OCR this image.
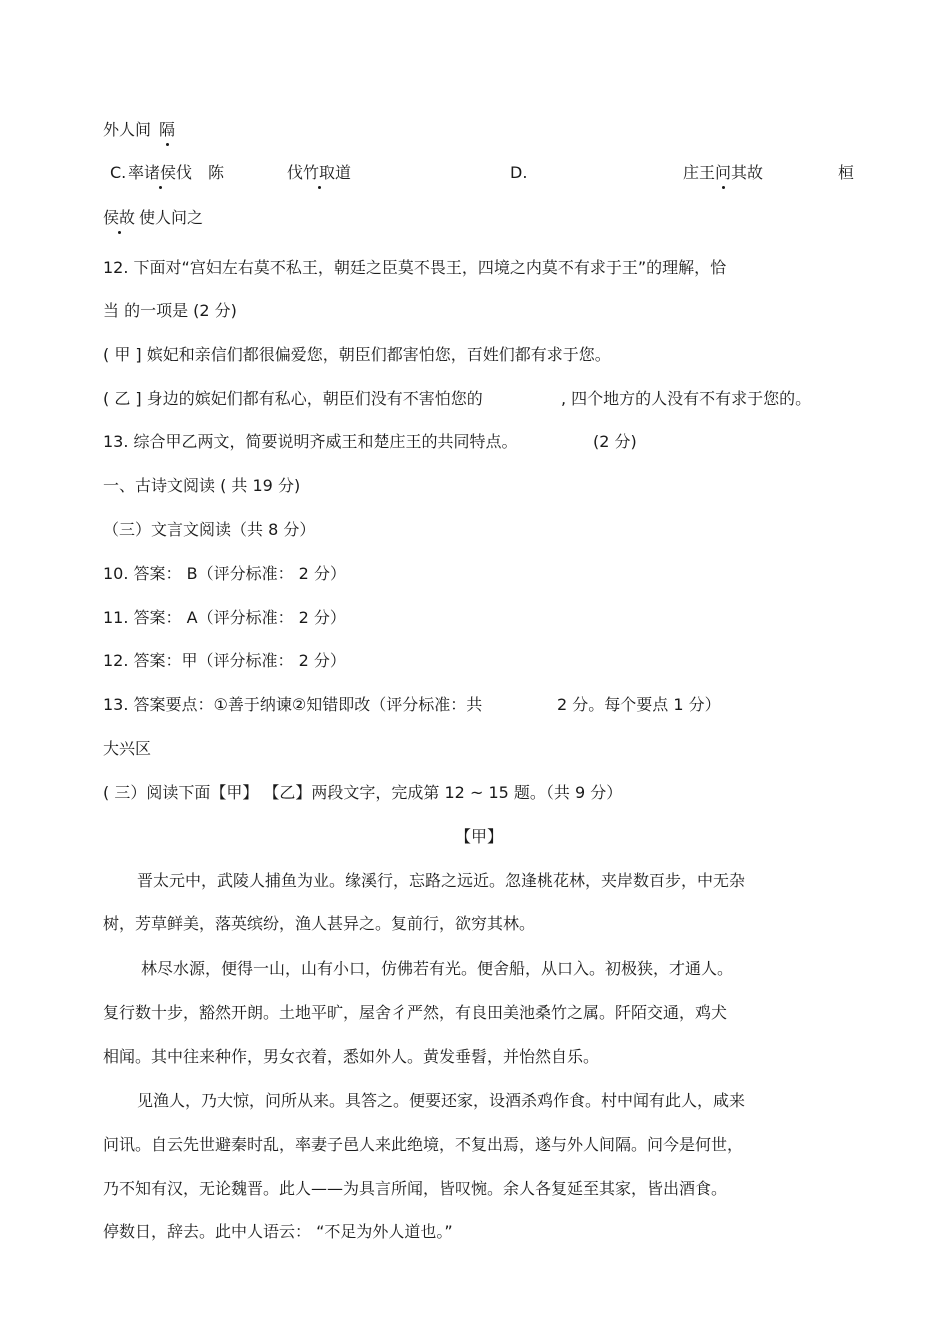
外人间 隔
C. 率诸侯伐 陈	伐竹取道	D.	庄王问其故	桓
侯故 使人问之
12. 下面对“宫妇左右莫不私王，朝廷之臣莫不畏王，四境之内莫不有求于王”的理解，恰
当 的一项是 (2 分)
( 甲 ] 嫔妃和亲信们都很偏爱您，朝臣们都害怕您，百姓们都有求于您。
( 乙 ] 身边的嫔妃们都有私心，朝臣们没有不害怕您的	, 四个地方的人没有不有求于您的。
13. 综合甲乙两文，简要说明齐威王和楚庄王的共同特点。	(2 分)
一、古诗文阅读 ( 共 19 分)
（三）文言文阅读（共 8 分）
10. 答案： B（评分标准： 2 分）
11. 答案： A（评分标准： 2 分）
12. 答案：甲（评分标准： 2 分）
13. 答案要点：①善于纳谏②知错即改（评分标准：共	2 分。每个要点 1 分）
大兴区
( 三）阅读下面【甲】 【乙】两段文字，完成第 12 ~ 15 题。（共 9 分）
【甲】
晋太元中，武陵人捕鱼为业。缘溪行，忘路之远近。忽逢桃花林，夹岸数百步，中无杂
树，芳草鲜美，落英缤纷，渔人甚异之。复前行，欲穷其林。
林尽水源，便得一山，山有小口，仿佛若有光。便舍船，从口入。初极狭，才通人。
复行数十步，豁然开朗。土地平旷，屋舍彳严然，有良田美池桑竹之属。阡陌交通，鸡犬
相闻。其中往来种作，男女衣着，悉如外人。黄发垂髫，并怡然自乐。
见渔人，乃大惊，问所从来。具答之。便要还家，设酒杀鸡作食。村中闻有此人，咸来
问讯。自云先世避秦时乱，率妻子邑人来此绝境，不复出焉，遂与外人间隔。问今是何世，
乃不知有汉，无论魏晋。此人——为具言所闻，皆叹惋。余人各复延至其家，皆出酒食。
停数日，辞去。此中人语云： “不足为外人道也。”
